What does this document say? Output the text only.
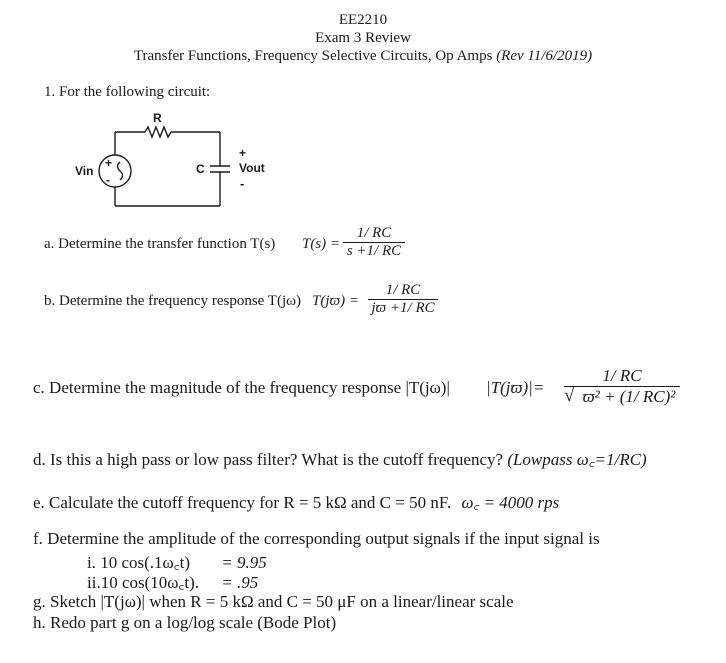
EE2210
Exam 3 Review
Transfer Functions, Frequency Selective Circuits, Op Amps (Rev 11/6/2019)
1. For the following circuit:
+
-
R
C
Vin
+
Vout
-
a. Determine the transfer function T(s) T(s) =
1/ RC
s +1/ RC
b. Determine the frequency response T(jω) T(jϖ) =
1/ RC
jϖ +1/ RC
c. Determine the magnitude of the frequency response |T(jω)| |T(jϖ)|=
1/ RC
√ ϖ² + (1/ RC)²
d. Is this a high pass or low pass filter? What is the cutoff frequency? (Lowpass ω꜀=1/RC)
e. Calculate the cutoff frequency for R = 5 kΩ and C = 50 nF. ω꜀ = 4000 rps
f. Determine the amplitude of the corresponding output signals if the input signal is
i. 10 cos(.1ω꜀t) = 9.95
ii.10 cos(10ω꜀t). = .95
g. Sketch |T(jω)| when R = 5 kΩ and C = 50 μF on a linear/linear scale
h. Redo part g on a log/log scale (Bode Plot)
